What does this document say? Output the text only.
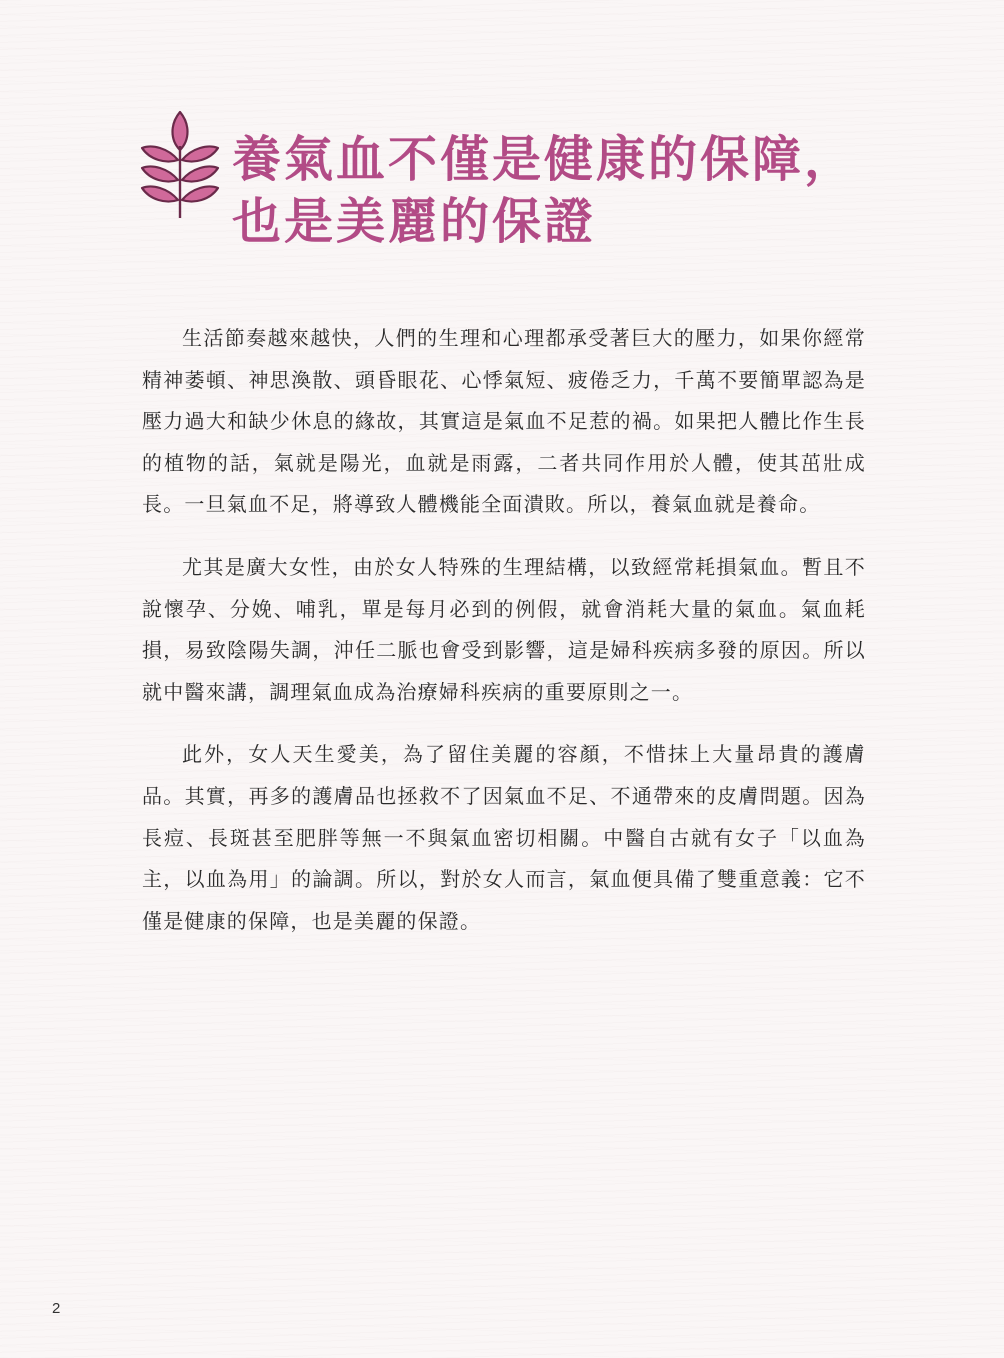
養氣血不僅是健康的保障，
也是美麗的保證

生活節奏越來越快，人們的生理和心理都承受著巨大的壓力，如果你經常精神萎頓、神思渙散、頭昏眼花、心悸氣短、疲倦乏力，千萬不要簡單認為是壓力過大和缺少休息的緣故，其實這是氣血不足惹的禍。如果把人體比作生長的植物的話，氣就是陽光，血就是雨露，二者共同作用於人體，使其茁壯成長。一旦氣血不足，將導致人體機能全面潰敗。所以，養氣血就是養命。

尤其是廣大女性，由於女人特殊的生理結構，以致經常耗損氣血。暫且不說懷孕、分娩、哺乳，單是每月必到的例假，就會消耗大量的氣血。氣血耗損，易致陰陽失調，沖任二脈也會受到影響，這是婦科疾病多發的原因。所以就中醫來講，調理氣血成為治療婦科疾病的重要原則之一。

此外，女人天生愛美，為了留住美麗的容顏，不惜抹上大量昂貴的護膚品。其實，再多的護膚品也拯救不了因氣血不足、不通帶來的皮膚問題。因為長痘、長斑甚至肥胖等無一不與氣血密切相關。中醫自古就有女子「以血為主，以血為用」的論調。所以，對於女人而言，氣血便具備了雙重意義：它不僅是健康的保障，也是美麗的保證。

2
